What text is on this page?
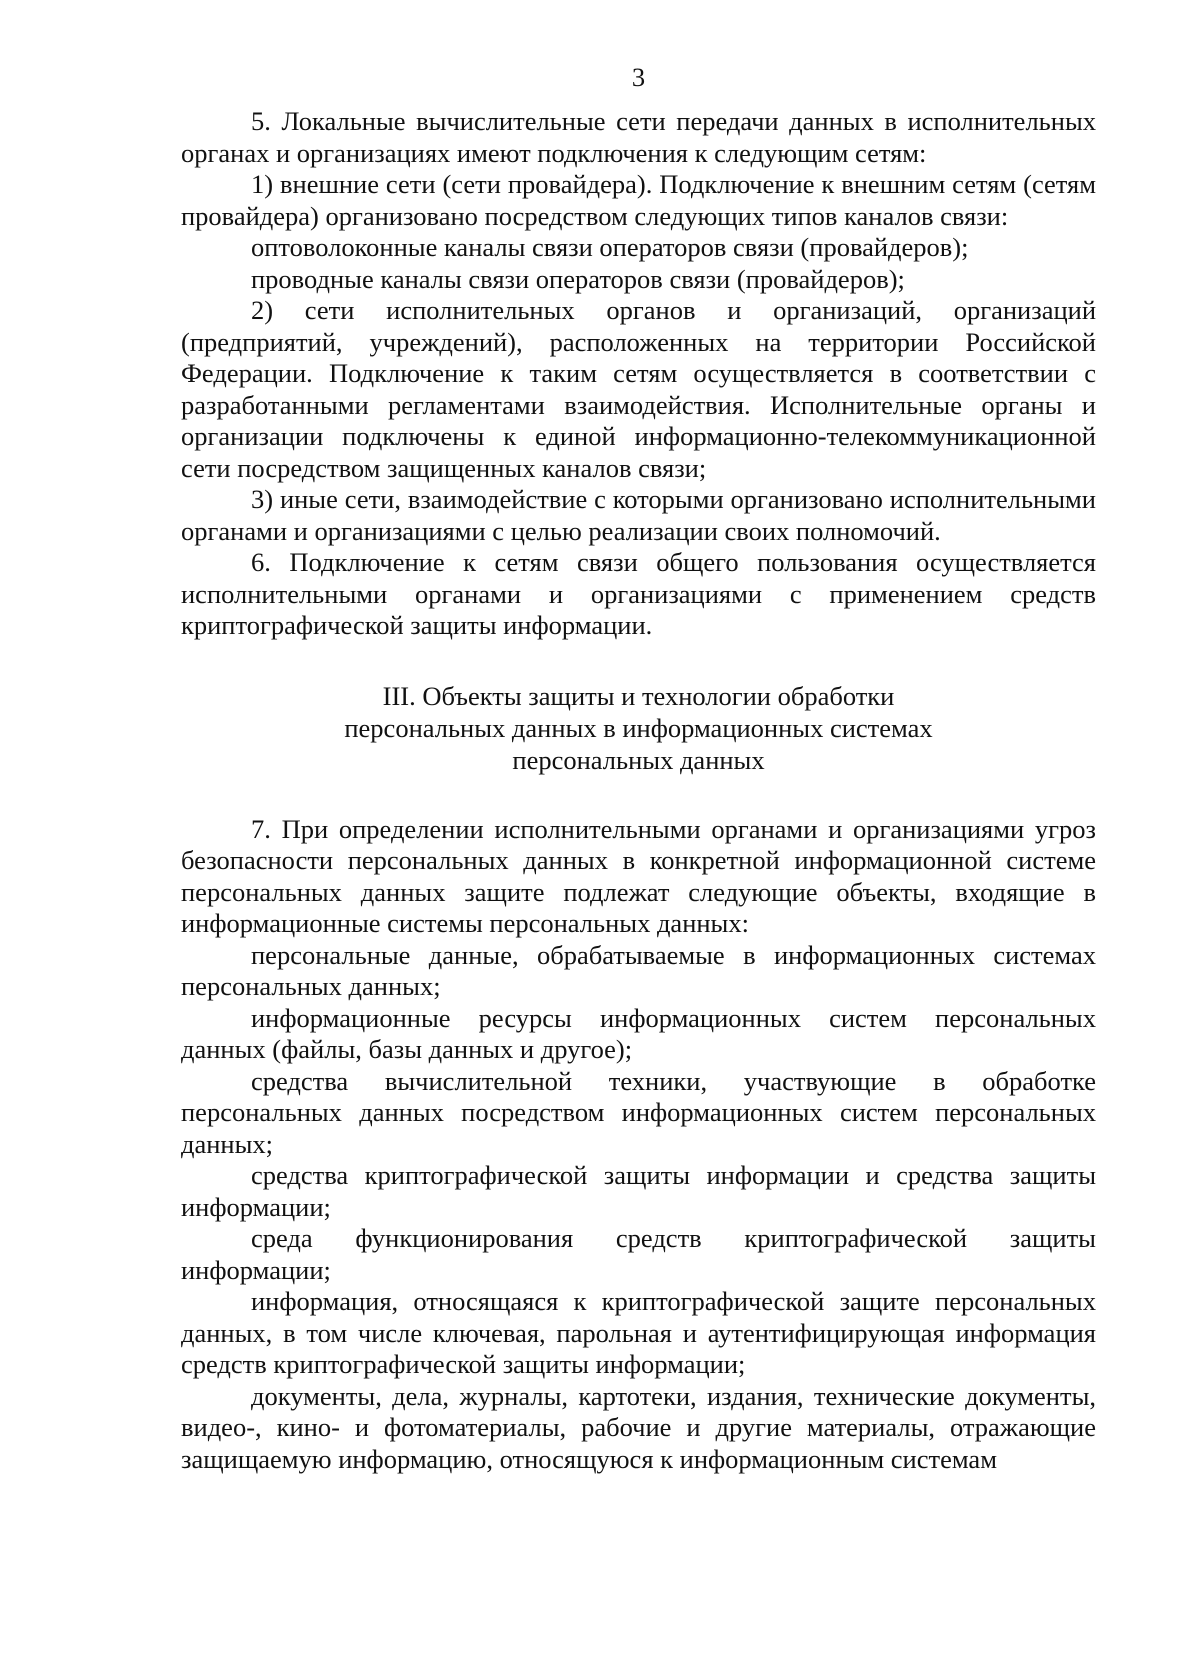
3

5. Локальные вычислительные сети передачи данных в исполнительных органах и организациях имеют подключения к следующим сетям:

1) внешние сети (сети провайдера). Подключение к внешним сетям (сетям провайдера) организовано посредством следующих типов каналов связи:

оптоволоконные каналы связи операторов связи (провайдеров);

проводные каналы связи операторов связи (провайдеров);

2) сети исполнительных органов и организаций, организаций (предприятий, учреждений), расположенных на территории Российской Федерации. Подключение к таким сетям осуществляется в соответствии с разработанными регламентами взаимодействия. Исполнительные органы и организации подключены к единой информационно-телекоммуникационной сети посредством защищенных каналов связи;

3) иные сети, взаимодействие с которыми организовано исполнительными органами и организациями с целью реализации своих полномочий.

6. Подключение к сетям связи общего пользования осуществляется исполнительными органами и организациями с применением средств криптографической защиты информации.

III. Объекты защиты и технологии обработки
персональных данных в информационных системах
персональных данных

7. При определении исполнительными органами и организациями угроз безопасности персональных данных в конкретной информационной системе персональных данных защите подлежат следующие объекты, входящие в информационные системы персональных данных:

персональные данные, обрабатываемые в информационных системах персональных данных;

информационные ресурсы информационных систем персональных данных (файлы, базы данных и другое);

средства вычислительной техники, участвующие в обработке персональных данных посредством информационных систем персональных данных;

средства криптографической защиты информации и средства защиты информации;

среда функционирования средств криптографической защиты информации;

информация, относящаяся к криптографической защите персональных данных, в том числе ключевая, парольная и аутентифицирующая информация средств криптографической защиты информации;

документы, дела, журналы, картотеки, издания, технические документы, видео-, кино- и фотоматериалы, рабочие и другие материалы, отражающие защищаемую информацию, относящуюся к информационным системам
